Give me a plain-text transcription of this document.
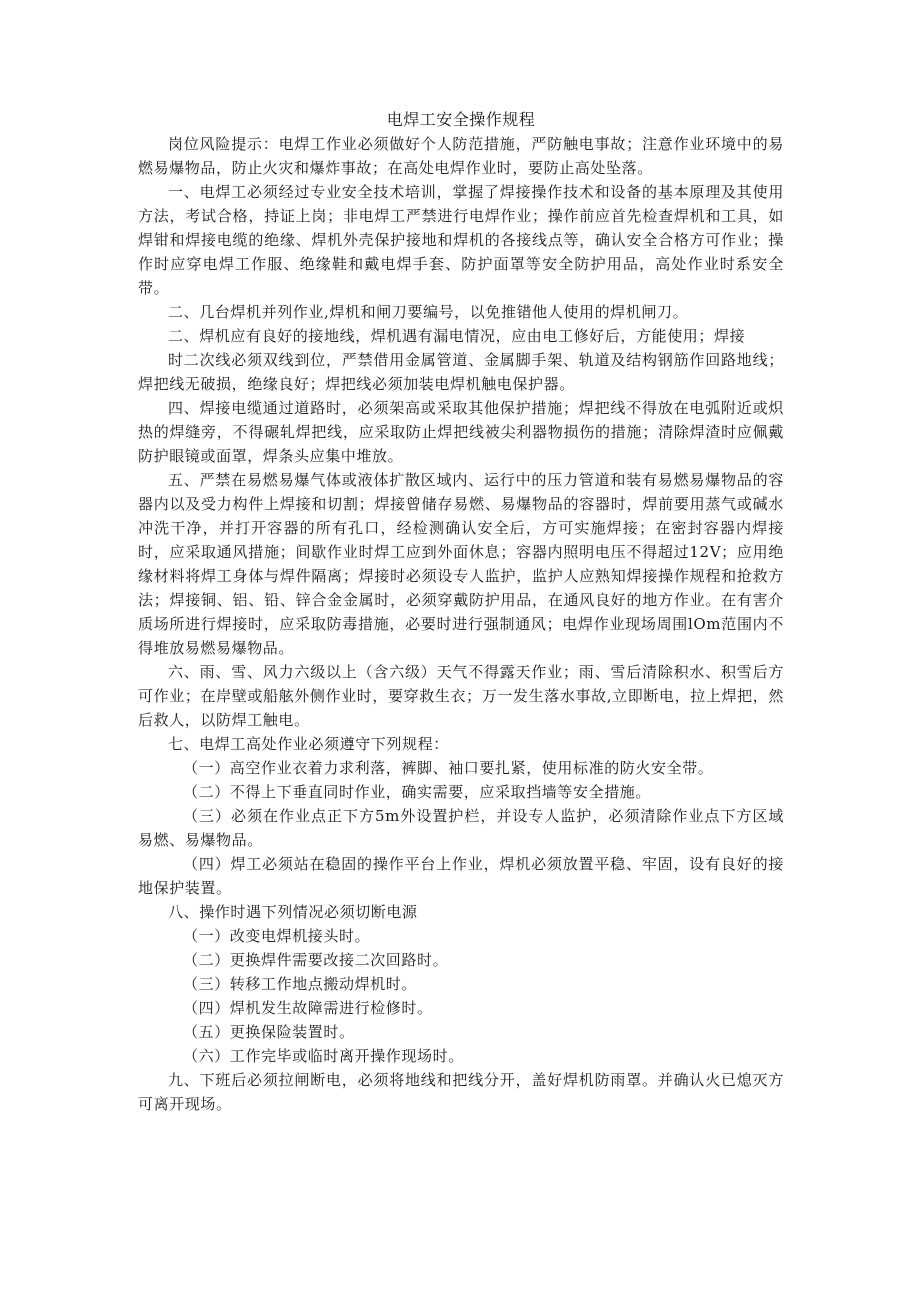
电焊工安全操作规程

岗位风险提示：电焊工作业必须做好个人防范措施，严防触电事故；注意作业环境中的易燃易爆物品，防止火灾和爆炸事故；在高处电焊作业时，要防止高处坠落。

一、电焊工必须经过专业安全技术培训，掌握了焊接操作技术和设备的基本原理及其使用方法，考试合格，持证上岗；非电焊工严禁进行电焊作业；操作前应首先检查焊机和工具，如焊钳和焊接电缆的绝缘、焊机外壳保护接地和焊机的各接线点等，确认安全合格方可作业；操作时应穿电焊工作服、绝缘鞋和戴电焊手套、防护面罩等安全防护用品，高处作业时系安全带。

二、几台焊机并列作业,焊机和闸刀要编号，以免推错他人使用的焊机闸刀。

二、焊机应有良好的接地线，焊机遇有漏电情况，应由电工修好后，方能使用；焊接

时二次线必须双线到位，严禁借用金属管道、金属脚手架、轨道及结构钢筋作回路地线；焊把线无破损，绝缘良好；焊把线必须加装电焊机触电保护器。

四、焊接电缆通过道路时，必须架高或采取其他保护措施；焊把线不得放在电弧附近或炽热的焊缝旁，不得碾轧焊把线，应采取防止焊把线被尖利器物损伤的措施；清除焊渣时应佩戴防护眼镜或面罩，焊条头应集中堆放。

五、严禁在易燃易爆气体或液体扩散区域内、运行中的压力管道和装有易燃易爆物品的容器内以及受力构件上焊接和切割；焊接曾储存易燃、易爆物品的容器时，焊前要用蒸气或碱水冲洗干净，并打开容器的所有孔口，经检测确认安全后，方可实施焊接；在密封容器内焊接时，应采取通风措施；间歇作业时焊工应到外面休息；容器内照明电压不得超过12V；应用绝缘材料将焊工身体与焊件隔离；焊接时必须设专人监护，监护人应熟知焊接操作规程和抢救方法；焊接铜、铝、铅、锌合金金属时，必须穿戴防护用品，在通风良好的地方作业。在有害介质场所进行焊接时，应采取防毒措施，必要时进行强制通风；电焊作业现场周围lOm范围内不得堆放易燃易爆物品。

六、雨、雪、风力六级以上（含六级）天气不得露天作业；雨、雪后清除积水、积雪后方可作业；在岸壁或船舷外侧作业时，要穿救生衣；万一发生落水事故,立即断电，拉上焊把，然后救人，以防焊工触电。

七、电焊工高处作业必须遵守下列规程：

（一）高空作业衣着力求利落，裤脚、袖口要扎紧，使用标准的防火安全带。

（二）不得上下垂直同时作业，确实需要，应采取挡墙等安全措施。

（三）必须在作业点正下方5m外设置护栏，并设专人监护，必须清除作业点下方区域易燃、易爆物品。

（四）焊工必须站在稳固的操作平台上作业，焊机必须放置平稳、牢固，设有良好的接地保护装置。

八、操作时遇下列情况必须切断电源

（一）改变电焊机接头时。

（二）更换焊件需要改接二次回路时。

（三）转移工作地点搬动焊机时。

（四）焊机发生故障需进行检修时。

（五）更换保险装置时。

（六）工作完毕或临时离开操作现场时。

九、下班后必须拉闸断电，必须将地线和把线分开，盖好焊机防雨罩。并确认火已熄灭方可离开现场。
